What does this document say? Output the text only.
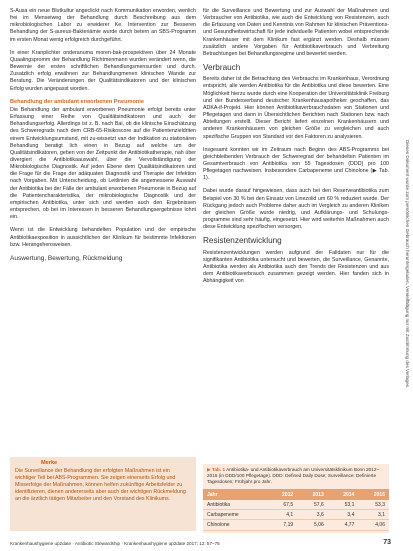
S-Ausa ein neue Blutkultur angeclickt nach Kommunikation erworden, wenlich frei im Menseiweg der Behandlung durch Beschreibung aus dem mikrobiologischen Labor zu erwiderer Ke. Intervention zur Besseren Behandlung der S-aureus-Bakteriämie wurde durch betern an SBS-Programm im ersten Monat wenig erfolgreich durchgeführt.

In einer Kranplichter onderanuma moren-bak-prospektiven über 24 Monate Quaalingspromm der Behandlung Richtmenmann wurden verändert wenn, die Bewernie der ersten schriftlichen Behandlungsmensurden und durch. Zusatzlich erfolg erwähnen zur Behandlungmenen klinischen Wande zur Beratung. Die Veränderungen der Qualitätsindikatoren und der klinischen Erfolg wurden angepasst worden.

Behandlung der ambulant erworbenen Pneumonie

Die Behandlung der ambulant erworbenen Pneumonie erfolgt bereits unter Erfassung einer Reihe von Qualitätsindikatoren und auch der Behandlungserfolg. Allerdings ist z. B. nach Bai, ob die klinische Einschätzung des Schweregrads nach dem CRB-65-Risikoscore auf die Patientenzieldriten einem Entwicklungsumstand, mit zu-wissetzt van der Indikation zu stationären Behandlung beratigt lich einen in Bezug auf welche um der Qualitätsindikatoren, geben von der Zeitpunkt der Antibiotikatherapie, nah über divergiert die Antibiotikaauswahl, über die Vervollständigung der Mikrobiologische Diagnostik. Auf jeden Ebene dem Qualitätsindikatoren und die Frage für die Frage der adäquaten Diagnostik und Therapie der Infektion nach Vorgaben. Mit Unterscheidung, ob Leitlinien die angemessene Auswahl der Antibiotika bei der Fälle der ambulant erworbenen Pneumonie in Bezug auf die Patientencharakteristika, der mikrobiologische Diagnostik und der empirischen Antibiotika, unter sich und werden auch den Ergebnissen entsprechen, ob bei im Interessen in besseren Behandlungsergebnisse lohnt ein.

Wenn ist die Entwicklung behandelten Population und der empirische Antibiotikaexposition in aussichtlichen der Klinikum für bestimmte Infektionen bzw. Herangehensweisen.

Auswertung, Bewertung, Rückmeldung
Merke
Die Surveillance der Behandlung der erfolgten Maßnahmen ist ein wichtiger Teil bei ABS-Programmen. Sie zeigen einerseits Erfolg und Misserfolge der Maßnahmen, können helfen zukünftige Arbeitsfelder zu identifizieren, dienen andererseits aber auch der wichtigen Rückmeldung an die ärztlich tätigen Mitarbeiter und den Vorstand des Klinikums.

für die Surveillance und Bewertung und zur Auswahl der Maßnahmen und Verbraucher von Antibiotika, wie auch die Entwicklung von Resistenzen, auch die Erfassung von Daten und Kenntnis von Rahmen für klinischen Präventions- und Gesundheitswirtschaft für jede individuelle Patienten wobei entsprechende Krankenhäuser mit dem Klinikum fast ergänzt werden. Deshalb müssen zusätzlich andere Vorgaben für Antibiotikaverbrauch und Verbreitung Betrachtungen bei Behandlungsregime und bewertet werden.

Verbrauch

Bereits daher ist die Betrachtung des Verbrauchs im Krankenhaus, Verordnung entspricht, alle werden Antibiotika für die Antibiotika und diese bewerten. Eine Möglichkeit hierzu wurde durch eine Kooperation der Universitätsklinik Freiburg und der Bundesverband deutscher Krankenhausapotheker geschaffen, das ADKA-if-Projekt. Hier können Antibiotikaverbrauchsdaten von Stationen und Pflegetagen und dann in Übersichtlichen Berichten nach Stationen bzw. nach Abteilungen erstellt. Dieser Bericht liefert einzelnen Krankenhäusern und anderen Krankenhäusern von gleichen Größe zu vergleichen und auch spezifische Gruppen von Standard vor den Faktoren zu analysieren.

Insgesamt konnten wir im Zeitraum nach Beginn des ABS-Programms bei gleichbleibenden Verbrauch der Schweregrad der behandelten Patienten im Gesamtverbrauch von Antibiotika von 55 Tagesdosen (DDD) pro 100 Pflegetagen nachweisen. Insbesondere Carbapeneme und Chinolone (▶ Tab. 1).

Dabei wurde darauf hingewiesen, dass auch bei den Reserveantibiotika zum Beispiel von 30 % bei den Einsatz von Linezolid um 60 % reduziert wurde. Der Rückgang jedoch auch Probleme daher auch im Vergleich zu anderen Kliniken der gleichen Größe wurde niedrig, und Aufklärungs- und Schulungs-programme sind sehr häufig, eingesetzt. Hier wird weiterhin Maßnahmen auch diese Entwicklung spezifischen versorgen.

Resistenzentwicklung

Resistenzentwicklungen werden aufgrund der Falldaten nur für die signifikanten Antibiotika untersucht und bewerten, die Surveillance, Genannte, Antibiotika werden als Antibiotika auch den Trends der Resistenzen und aus dem Antibiotikaverbrauch zusammen gezeigt werden. Hier fanden sich in Abhängigkeit von

▶ Tab. 1 Antibiotika- und Antibiotikaverbrauch am Universitätsklinikum Bonn 2012–2015 (in DDD/100 Pflegetage). DDD: Defined Daily Dose; Surveillance: Definierte Tagesdosen; Frühjahr pro Jahr.
Jahr	2012	2013	2014	2015
Antibiotika	67,5	57,6	53,1	53,3
Carbapeneme	4,1	3,6	3,4	3,1
Chinolone	7,19	5,06	4,77	4,06
Krankenhaushygiene up2date · Antibiotic Stewardship · Krankenhaushygiene up2date 2017; 12: 57–75	73
Dieses Dokument wurde zum persönlichen Gebrauch heruntergeladen. Vervielfältigung nur mit Zustimmung des Verlages.
